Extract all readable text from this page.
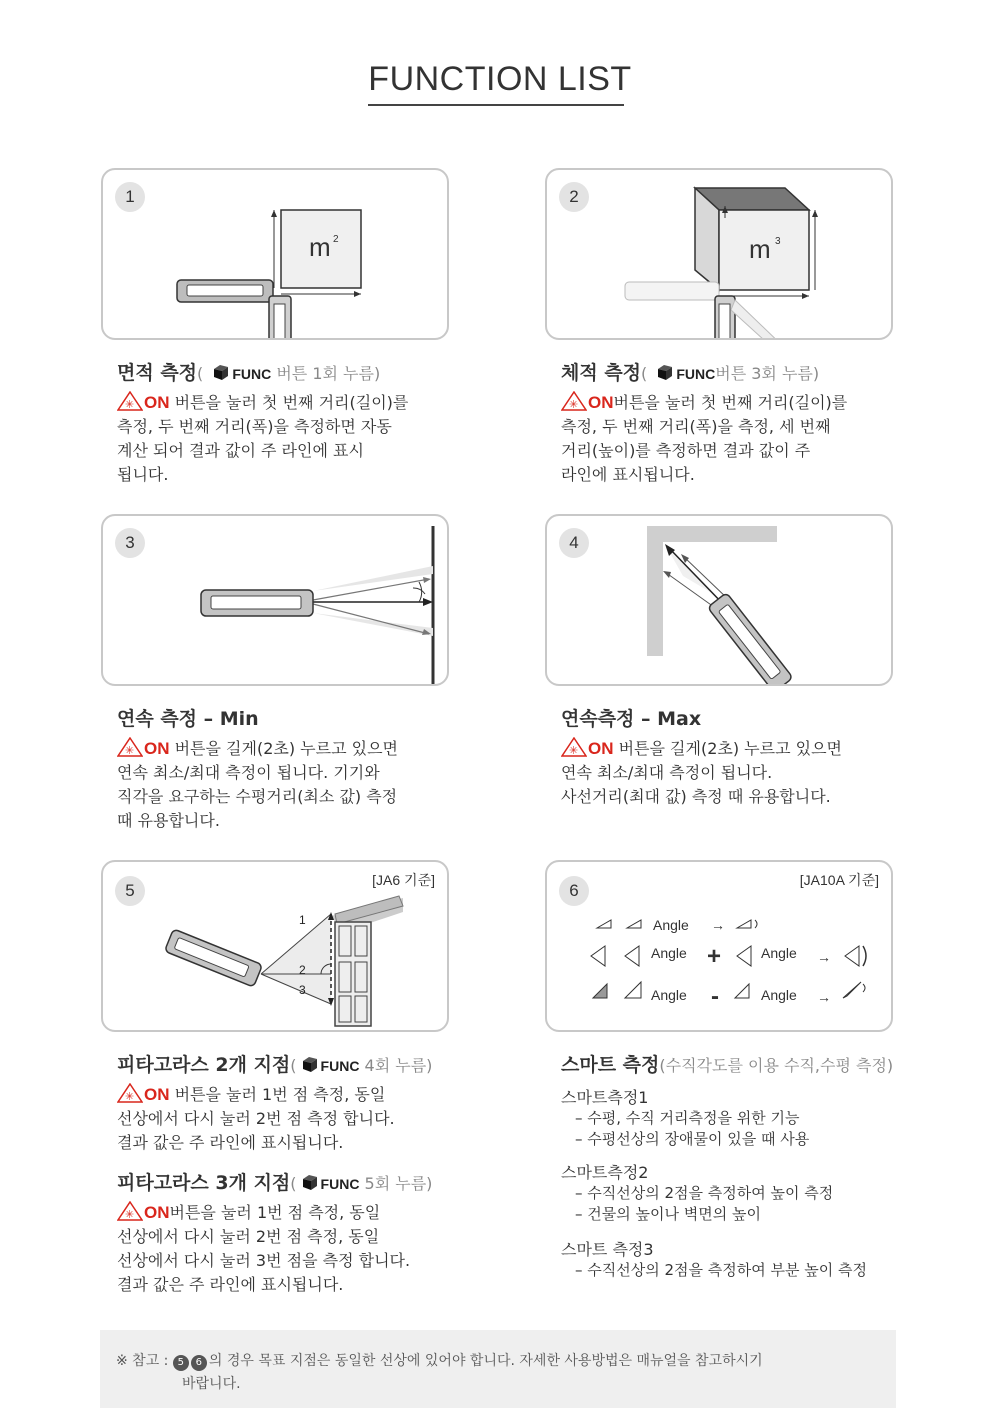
FUNCTION LIST
1
m 2
2
m 3
3	4
5
[JA6 기준]
1
2
3
6
[JA10A 기준]
Angle →
Angle +	Angle →
Angle -	Angle →
면적 측정( FUNC 버튼 1회 누름)
✳ ON 버튼을 눌러 첫 번째 거리(길이)를
측정, 두 번째 거리(폭)을 측정하면 자동
계산 되어 결과 값이 주 라인에 표시
됩니다.
체적 측정( FUNC버튼 3회 누름)
✳ ON버튼을 눌러 첫 번째 거리(길이)를
측정, 두 번째 거리(폭)을 측정, 세 번째
거리(높이)를 측정하면 결과 값이 주
라인에 표시됩니다.
연속 측정 – Min
✳ ON 버튼을 길게(2초) 누르고 있으면
연속 최소/최대 측정이 됩니다. 기기와
직각을 요구하는 수평거리(최소 값) 측정
때 유용합니다.
연속측정 – Max
✳ ON 버튼을 길게(2초) 누르고 있으면
연속 최소/최대 측정이 됩니다.
사선거리(최대 값) 측정 때 유용합니다.
피타고라스 2개 지점( FUNC 4회 누름)
✳ ON 버튼을 눌러 1번 점 측정, 동일
선상에서 다시 눌러 2번 점 측정 합니다.
결과 값은 주 라인에 표시됩니다.
피타고라스 3개 지점( FUNC 5회 누름)
✳ ON버튼을 눌러 1번 점 측정, 동일
선상에서 다시 눌러 2번 점 측정, 동일
선상에서 다시 눌러 3번 점을 측정 합니다.
결과 값은 주 라인에 표시됩니다.
스마트 측정(수직각도를 이용 수직,수평 측정)
스마트측정1
– 수평, 수직 거리측정을 위한 기능
– 수평선상의 장애물이 있을 때 사용
스마트측정2
– 수직선상의 2점을 측정하여 높이 측정
– 건물의 높이나 벽면의 높이
스마트 측정3
– 수직선상의 2점을 측정하여 부분 높이 측정
※ 참고 : 5 6 의 경우 목표 지점은 동일한 선상에 있어야 합니다. 자세한 사용방법은 매뉴얼을 참고하시기
바랍니다.
